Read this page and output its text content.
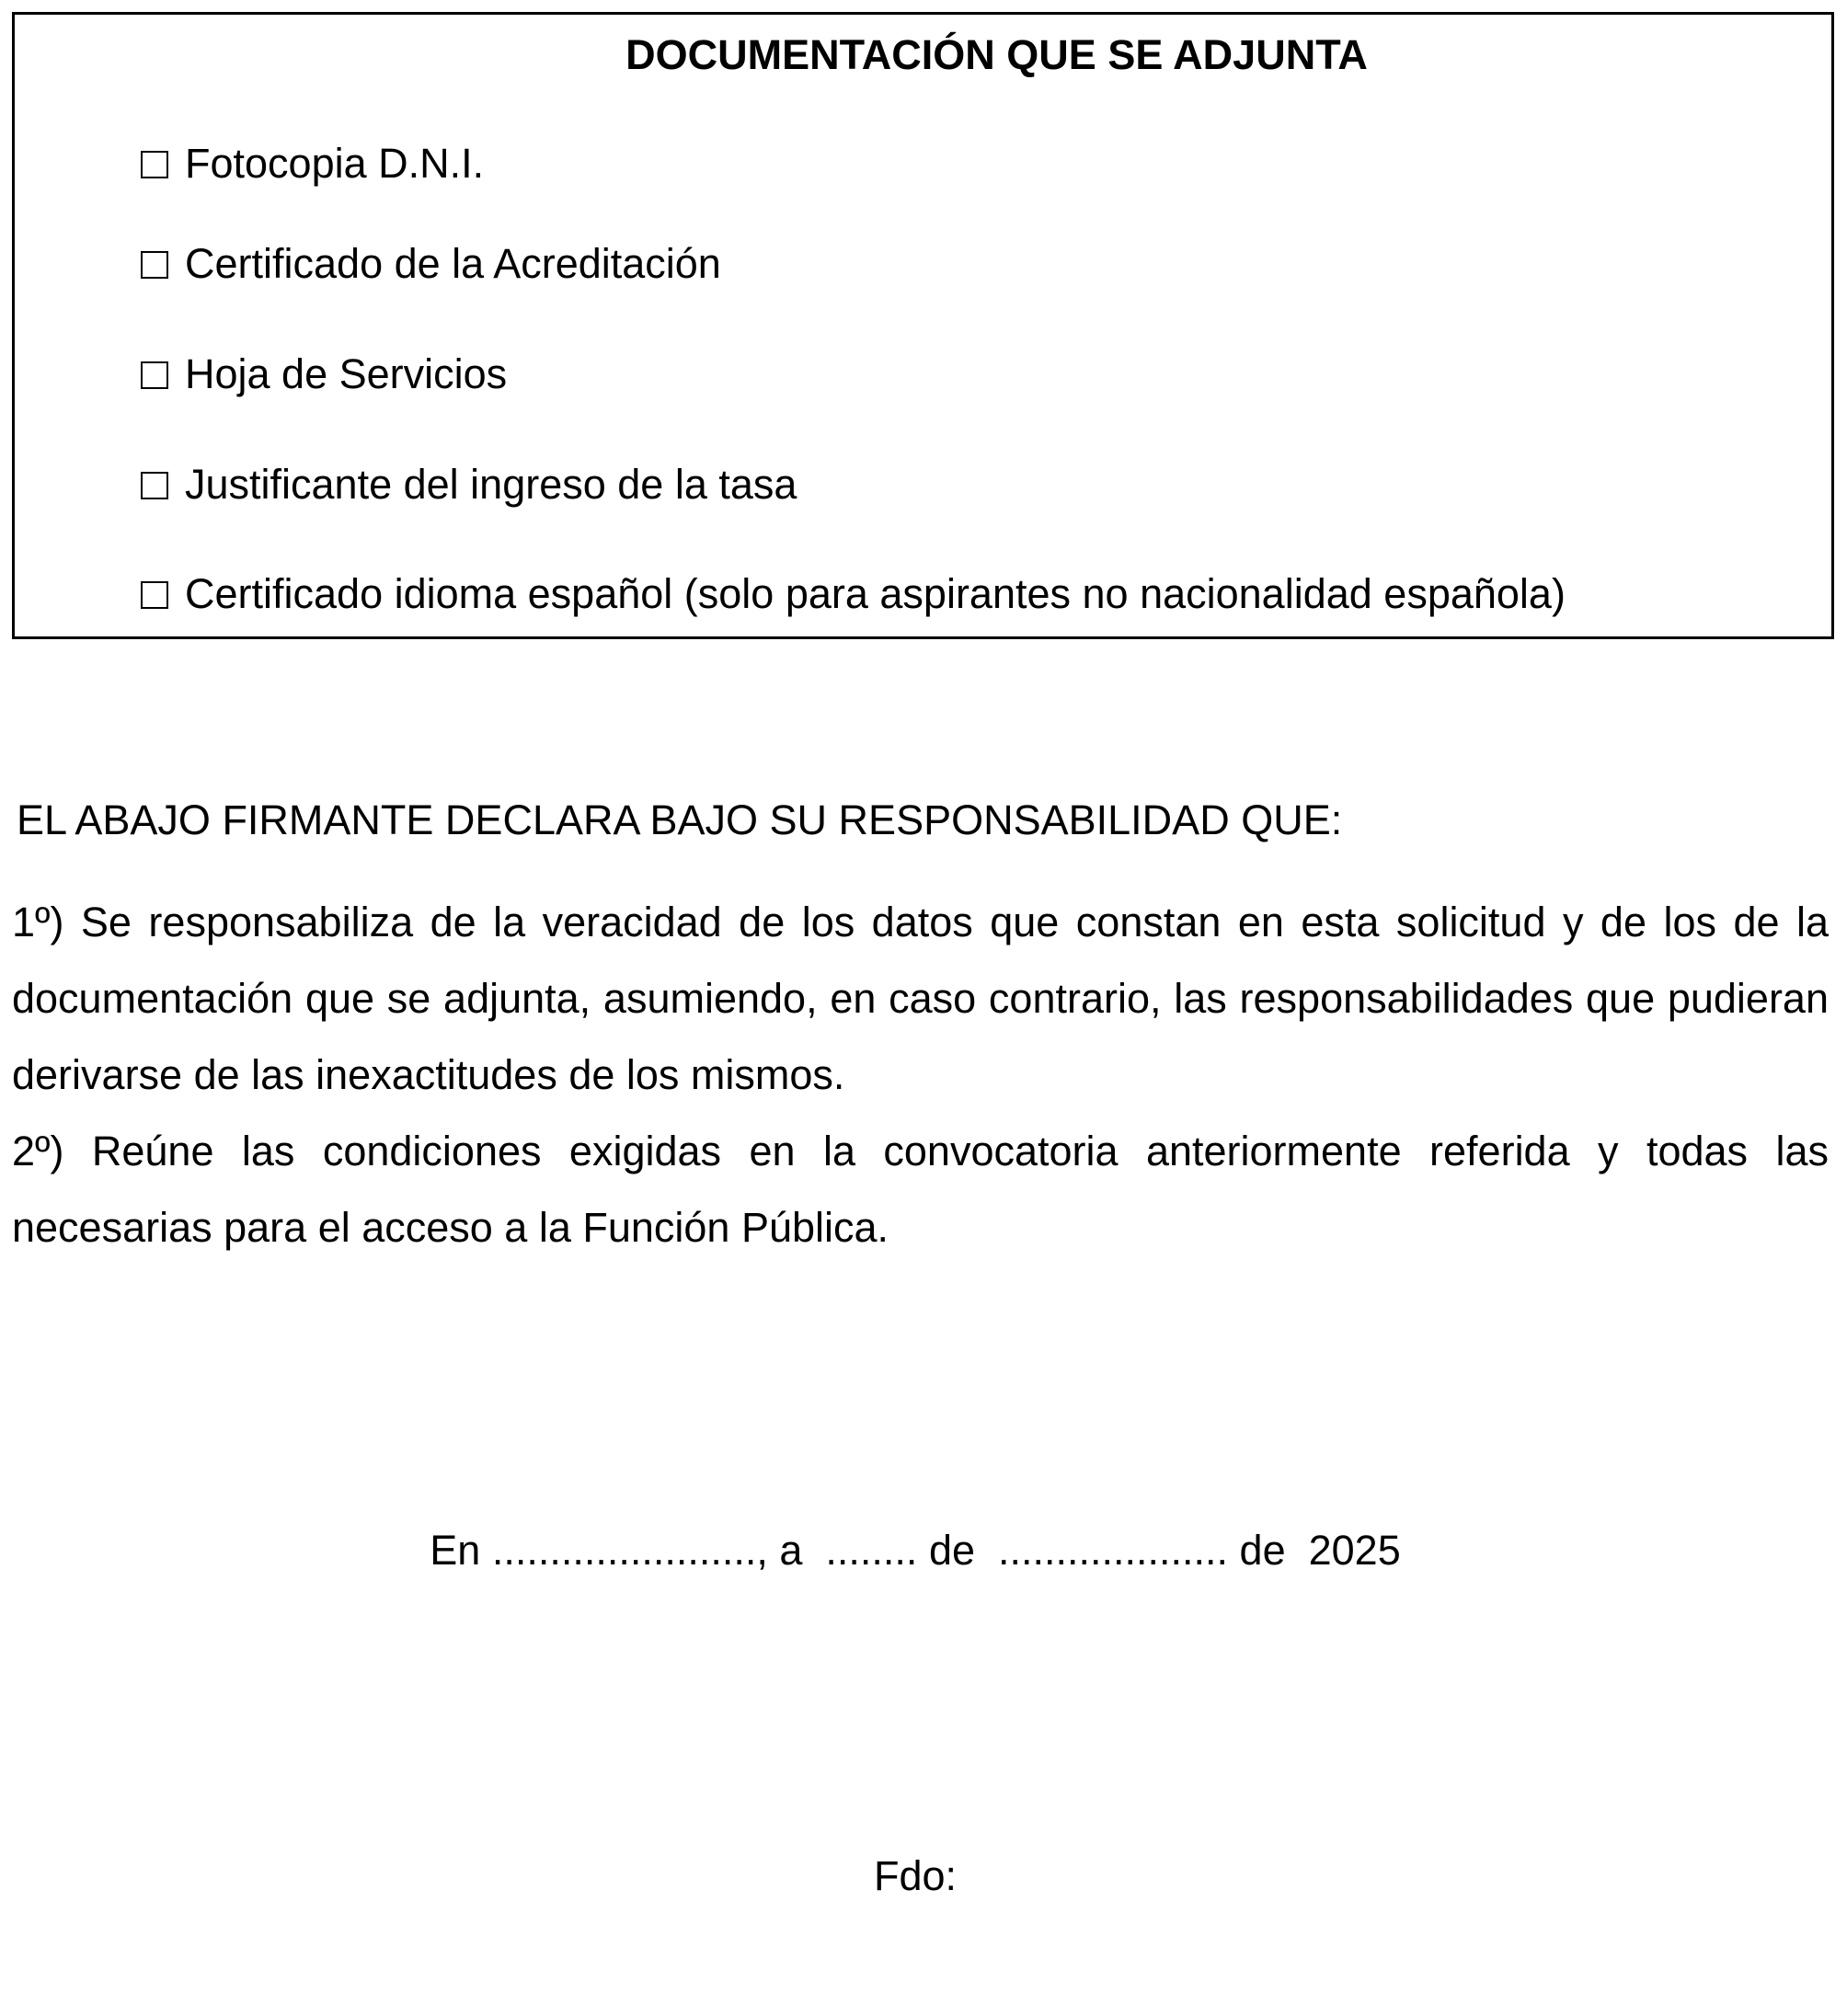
DOCUMENTACIÓN QUE SE ADJUNTA
Fotocopia D.N.I.
Certificado de la Acreditación
Hoja de Servicios
Justificante del ingreso de la tasa
Certificado idioma español (solo para aspirantes no nacionalidad española)
EL ABAJO FIRMANTE DECLARA BAJO SU RESPONSABILIDAD QUE:
1º) Se responsabiliza de la veracidad de los datos que constan en esta solicitud y de los de la documentación que se adjunta, asumiendo, en caso contrario, las responsabilidades que pudieran derivarse de las inexactitudes de los mismos.
2º) Reúne las condiciones exigidas en la convocatoria anteriormente referida y todas las necesarias para el acceso a la Función Pública.
En ......................., a  ........ de  .................... de  2025
Fdo:
